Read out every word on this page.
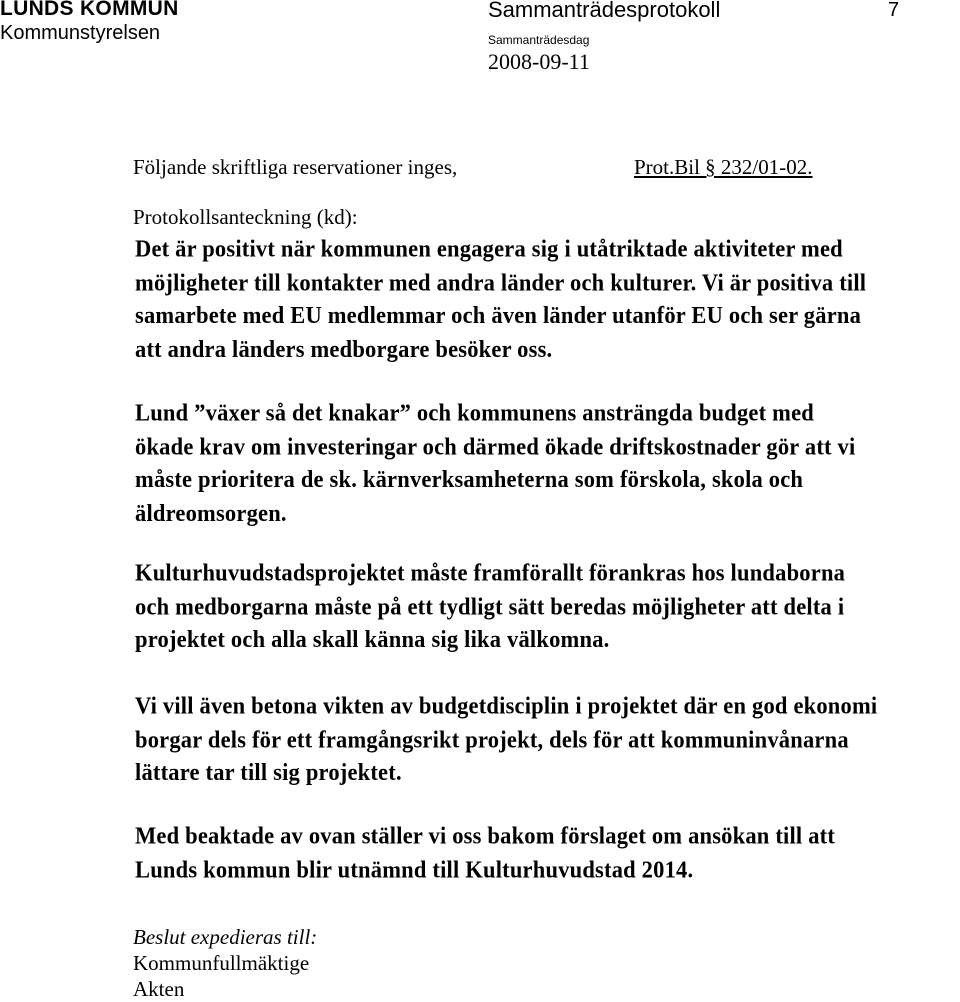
LUNDS KOMMUN
Kommunstyrelsen
Sammanträdesprotokoll	7
Sammanträdesdag
2008-09-11
Följande skriftliga reservationer inges,	Prot.Bil § 232/01-02.
Protokollsanteckning (kd):

Det är positivt när kommunen engagera sig i utåtriktade aktiviteter med
möjligheter till kontakter med andra länder och kulturer. Vi är positiva till
samarbete med EU medlemmar och även länder utanför EU och ser gärna
att andra länders medborgare besöker oss.

Lund ”växer så det knakar” och kommunens ansträngda budget med
ökade krav om investeringar och därmed ökade driftskostnader gör att vi
måste prioritera de sk. kärnverksamheterna som förskola, skola och
äldreomsorgen.

Kulturhuvudstadsprojektet måste framförallt förankras hos lundaborna
och medborgarna måste på ett tydligt sätt beredas möjligheter att delta i
projektet och alla skall känna sig lika välkomna.

Vi vill även betona vikten av budgetdisciplin i projektet där en god ekonomi
borgar dels för ett framgångsrikt projekt, dels för att kommuninvånarna
lättare tar till sig projektet.

Med beaktade av ovan ställer vi oss bakom förslaget om ansökan till att
Lunds kommun blir utnämnd till Kulturhuvudstad 2014.

Beslut expedieras till:
Kommunfullmäktige
Akten
